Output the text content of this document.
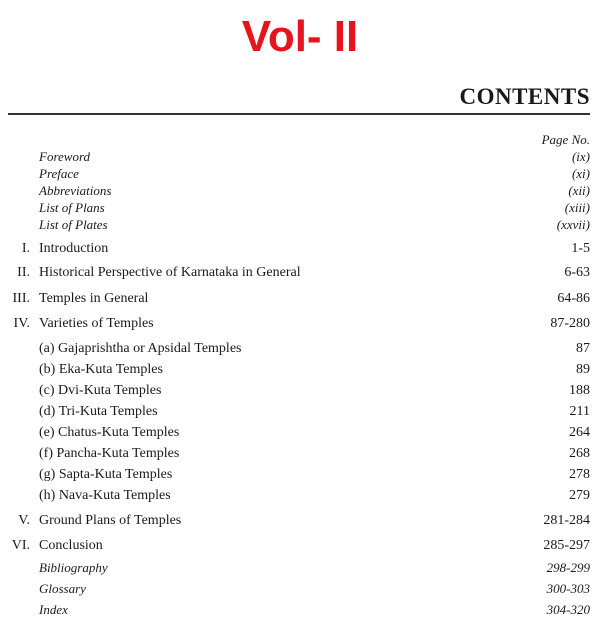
Vol- II
CONTENTS
Page No.
Foreword	(ix)
Preface	(xi)
Abbreviations	(xii)
List of Plans	(xiii)
List of Plates	(xxvii)
I. Introduction	1-5
II. Historical Perspective of Karnataka in General	6-63
III. Temples in General	64-86
IV. Varieties of Temples	87-280
(a) Gajaprishtha or Apsidal Temples	87
(b) Eka-Kuta Temples	89
(c) Dvi-Kuta Temples	188
(d) Tri-Kuta Temples	211
(e) Chatus-Kuta Temples	264
(f) Pancha-Kuta Temples	268
(g) Sapta-Kuta Temples	278
(h) Nava-Kuta Temples	279
V. Ground Plans of Temples	281-284
VI. Conclusion	285-297
Bibliography	298-299
Glossary	300-303
Index	304-320
